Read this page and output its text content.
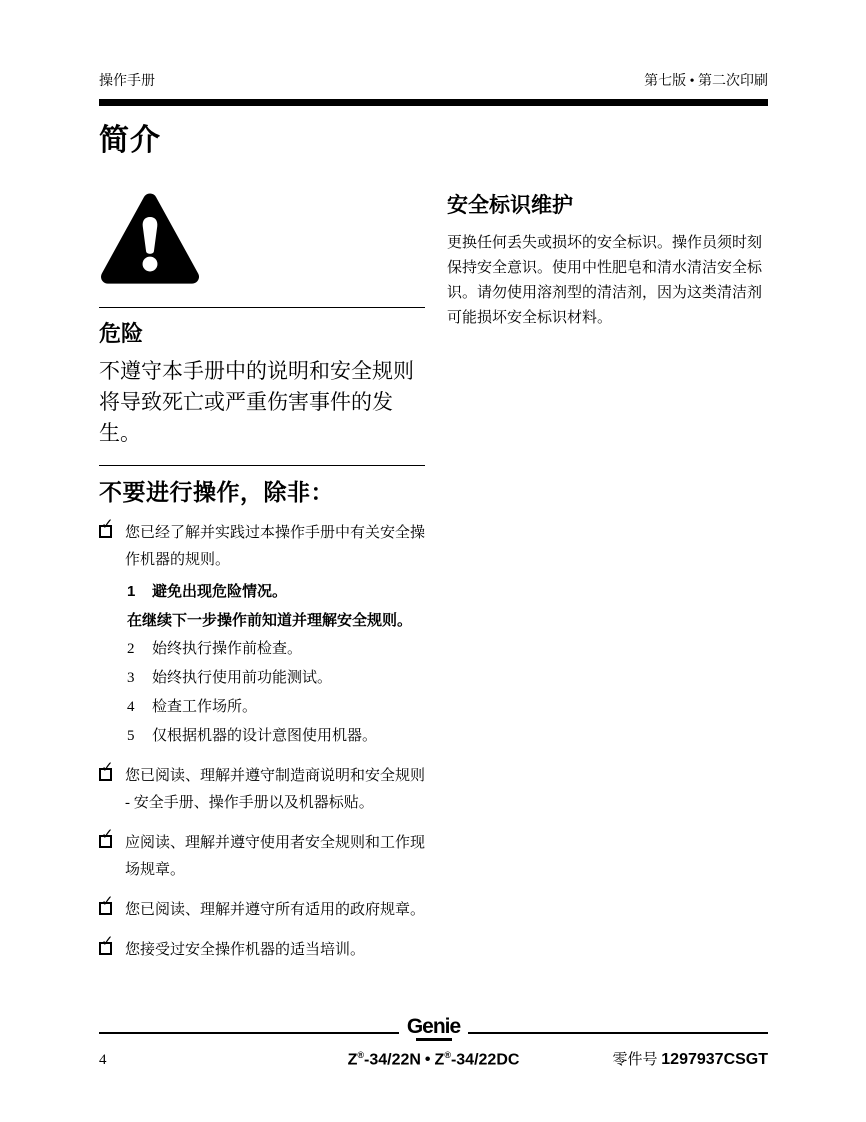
操作手册	第七版 • 第二次印刷
简介
危险

不遵守本手册中的说明和安全规则
将导致死亡或严重伤害事件的发生。

不要进行操作，除非：
✓ 您已经了解并实践过本操作手册中有关安全操作机器的规则。
1	避免出现危险情况。
在继续下一步操作前知道并理解安全规则。
2	始终执行操作前检查。
3	始终执行使用前功能测试。
4	检查工作场所。
5	仅根据机器的设计意图使用机器。
✓ 您已阅读、理解并遵守制造商说明和安全规则 - 安全手册、操作手册以及机器标贴。
✓ 应阅读、理解并遵守使用者安全规则和工作现场规章。
✓ 您已阅读、理解并遵守所有适用的政府规章。
✓ 您接受过安全操作机器的适当培训。
安全标识维护

更换任何丢失或损坏的安全标识。操作员须时刻保持安全意识。使用中性肥皂和清水清洁安全标识。请勿使用溶剂型的清洁剂，因为这类清洁剂可能损坏安全标识材料。

Genie
4	Z®-34/22N • Z®-34/22DC	零件号 1297937CSGT
